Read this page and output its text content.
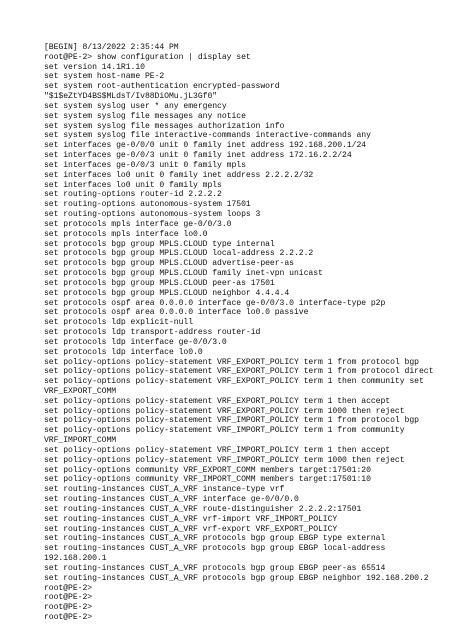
[BEGIN] 8/13/2022 2:35:44 PM
root@PE-2> show configuration | display set
set version 14.1R1.10
set system host-name PE-2
set system root-authentication encrypted-password
"$1$eZtYD4BS$MLdsT/Iv88DiOMu.jL3Gf0"
set system syslog user * any emergency
set system syslog file messages any notice
set system syslog file messages authorization info
set system syslog file interactive-commands interactive-commands any
set interfaces ge-0/0/0 unit 0 family inet address 192.168.200.1/24
set interfaces ge-0/0/3 unit 0 family inet address 172.16.2.2/24
set interfaces ge-0/0/3 unit 0 family mpls
set interfaces lo0 unit 0 family inet address 2.2.2.2/32
set interfaces lo0 unit 0 family mpls
set routing-options router-id 2.2.2.2
set routing-options autonomous-system 17501
set routing-options autonomous-system loops 3
set protocols mpls interface ge-0/0/3.0
set protocols mpls interface lo0.0
set protocols bgp group MPLS.CLOUD type internal
set protocols bgp group MPLS.CLOUD local-address 2.2.2.2
set protocols bgp group MPLS.CLOUD advertise-peer-as
set protocols bgp group MPLS.CLOUD family inet-vpn unicast
set protocols bgp group MPLS.CLOUD peer-as 17501
set protocols bgp group MPLS.CLOUD neighbor 4.4.4.4
set protocols ospf area 0.0.0.0 interface ge-0/0/3.0 interface-type p2p
set protocols ospf area 0.0.0.0 interface lo0.0 passive
set protocols ldp explicit-null
set protocols ldp transport-address router-id
set protocols ldp interface ge-0/0/3.0
set protocols ldp interface lo0.0
set policy-options policy-statement VRF_EXPORT_POLICY term 1 from protocol bgp
set policy-options policy-statement VRF_EXPORT_POLICY term 1 from protocol direct
set policy-options policy-statement VRF_EXPORT_POLICY term 1 then community set
VRF_EXPORT_COMM
set policy-options policy-statement VRF_EXPORT_POLICY term 1 then accept
set policy-options policy-statement VRF_EXPORT_POLICY term 1000 then reject
set policy-options policy-statement VRF_IMPORT_POLICY term 1 from protocol bgp
set policy-options policy-statement VRF_IMPORT_POLICY term 1 from community
VRF_IMPORT_COMM
set policy-options policy-statement VRF_IMPORT_POLICY term 1 then accept
set policy-options policy-statement VRF_IMPORT_POLICY term 1000 then reject
set policy-options community VRF_EXPORT_COMM members target:17501:20
set policy-options community VRF_IMPORT_COMM members target:17501:10
set routing-instances CUST_A_VRF instance-type vrf
set routing-instances CUST_A_VRF interface ge-0/0/0.0
set routing-instances CUST_A_VRF route-distinguisher 2.2.2.2:17501
set routing-instances CUST_A_VRF vrf-import VRF_IMPORT_POLICY
set routing-instances CUST_A_VRF vrf-export VRF_EXPORT_POLICY
set routing-instances CUST_A_VRF protocols bgp group EBGP type external
set routing-instances CUST_A_VRF protocols bgp group EBGP local-address
192.168.200.1
set routing-instances CUST_A_VRF protocols bgp group EBGP peer-as 65514
set routing-instances CUST_A_VRF protocols bgp group EBGP neighbor 192.168.200.2
root@PE-2>
root@PE-2>
root@PE-2>
root@PE-2>
